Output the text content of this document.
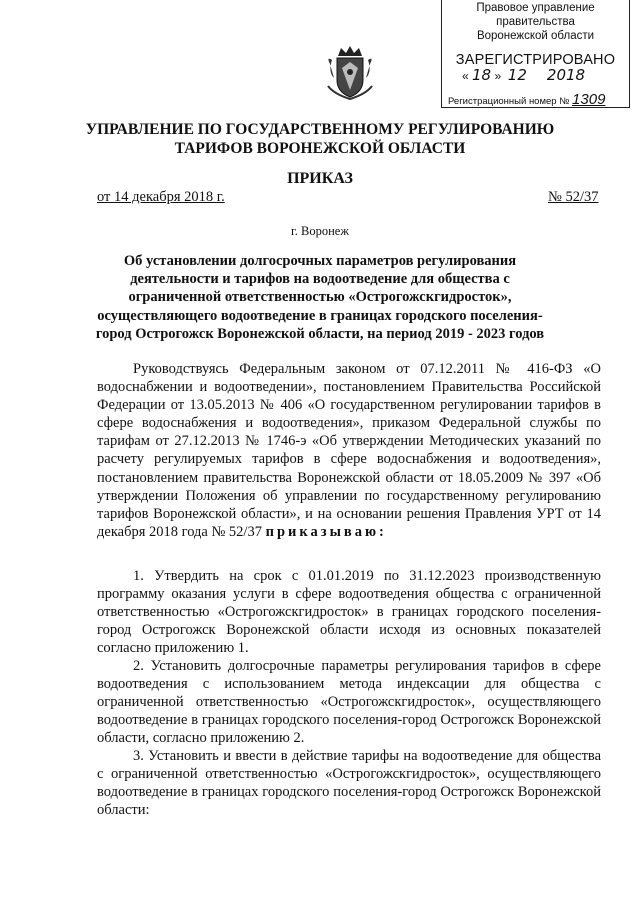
Правовое управление правительства
Воронежской области
ЗАРЕГИСТРИРОВАНО
« 18 »  12 2018
Регистрационный номер № 1309
УПРАВЛЕНИЕ ПО ГОСУДАРСТВЕННОМУ РЕГУЛИРОВАНИЮ
ТАРИФОВ ВОРОНЕЖСКОЙ ОБЛАСТИ
ПРИКАЗ
от 14 декабря 2018 г.	№ 52/37
г. Воронеж
Об установлении долгосрочных параметров регулирования деятельности и тарифов на водоотведение для общества с ограниченной ответственностью «Острогожскгидросток», осуществляющего водоотведение в границах городского поселения-город Острогожск Воронежской области, на период 2019 - 2023 годов
Руководствуясь Федеральным законом от 07.12.2011 № 416-ФЗ «О водоснабжении и водоотведении», постановлением Правительства Российской Федерации от 13.05.2013 № 406 «О государственном регулировании тарифов в сфере водоснабжения и водоотведения», приказом Федеральной службы по тарифам от 27.12.2013 № 1746-э «Об утверждении Методических указаний по расчету регулируемых тарифов в сфере водоснабжения и водоотведения», постановлением правительства Воронежской области от 18.05.2009 № 397 «Об утверждении Положения об управлении по государственному регулированию тарифов Воронежской области», и на основании решения Правления УРТ от 14 декабря 2018 года № 52/37 приказываю:
1. Утвердить на срок с 01.01.2019 по 31.12.2023 производственную программу оказания услуги в сфере водоотведения общества с ограниченной ответственностью «Острогожскгидросток» в границах городского поселения-город Острогожск Воронежской области исходя из основных показателей согласно приложению 1.
2. Установить долгосрочные параметры регулирования тарифов в сфере водоотведения с использованием метода индексации для общества с ограниченной ответственностью «Острогожскгидросток», осуществляющего водоотведение в границах городского поселения-город Острогожск Воронежской области, согласно приложению 2.
3. Установить и ввести в действие тарифы на водоотведение для общества с ограниченной ответственностью «Острогожскгидросток», осуществляющего водоотведение в границах городского поселения-город Острогожск Воронежской области:
